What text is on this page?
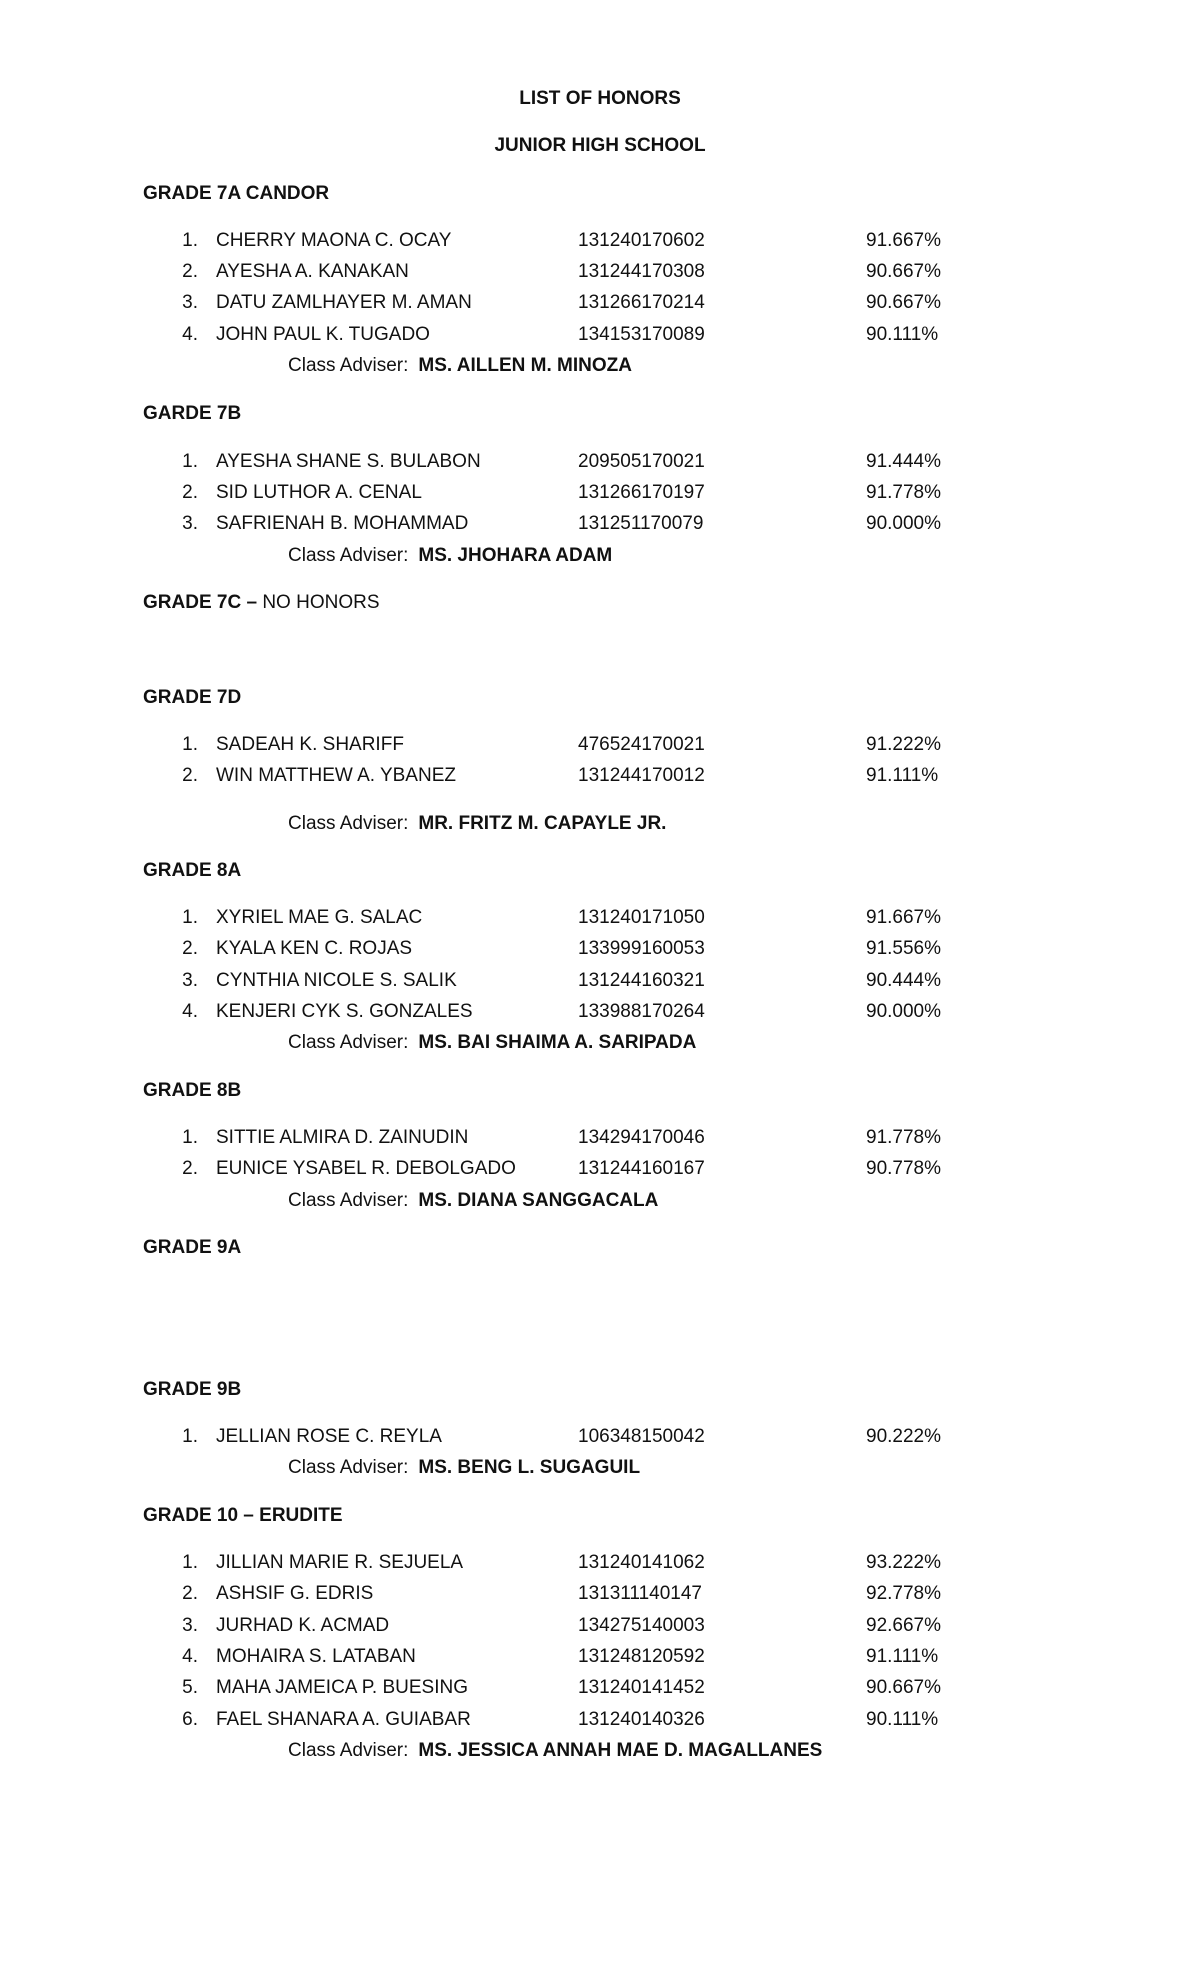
LIST OF HONORS
JUNIOR HIGH SCHOOL
GRADE 7A CANDOR
1. CHERRY MAONA C. OCAY	131240170602	91.667%
2. AYESHA A. KANAKAN	131244170308	90.667%
3. DATU ZAMLHAYER M. AMAN	131266170214	90.667%
4. JOHN PAUL K. TUGADO	134153170089	90.111%
Class Adviser: MS. AILLEN M. MINOZA
GARDE 7B
1. AYESHA SHANE S. BULABON	209505170021	91.444%
2. SID LUTHOR A. CENAL	131266170197	91.778%
3. SAFRIENAH B. MOHAMMAD	131251170079	90.000%
Class Adviser: MS. JHOHARA ADAM
GRADE 7C – NO HONORS
GRADE 7D
1. SADEAH K. SHARIFF	476524170021	91.222%
2. WIN MATTHEW A. YBANEZ	131244170012	91.111%
Class Adviser: MR. FRITZ M. CAPAYLE JR.
GRADE 8A
1. XYRIEL MAE G. SALAC	131240171050	91.667%
2. KYALA KEN C. ROJAS	133999160053	91.556%
3. CYNTHIA NICOLE S. SALIK	131244160321	90.444%
4. KENJERI CYK S. GONZALES	133988170264	90.000%
Class Adviser: MS. BAI SHAIMA A. SARIPADA
GRADE 8B
1. SITTIE ALMIRA D. ZAINUDIN	134294170046	91.778%
2. EUNICE YSABEL R. DEBOLGADO	131244160167	90.778%
Class Adviser: MS. DIANA SANGGACALA
GRADE 9A
GRADE 9B
1. JELLIAN ROSE C. REYLA	106348150042	90.222%
Class Adviser: MS. BENG L. SUGAGUIL
GRADE 10 – ERUDITE
1. JILLIAN MARIE R. SEJUELA	131240141062	93.222%
2. ASHSIF G. EDRIS	131311140147	92.778%
3. JURHAD K. ACMAD	134275140003	92.667%
4. MOHAIRA S. LATABAN	131248120592	91.111%
5. MAHA JAMEICA P. BUESING	131240141452	90.667%
6. FAEL SHANARA A. GUIABAR	131240140326	90.111%
Class Adviser: MS. JESSICA ANNAH MAE D. MAGALLANES
